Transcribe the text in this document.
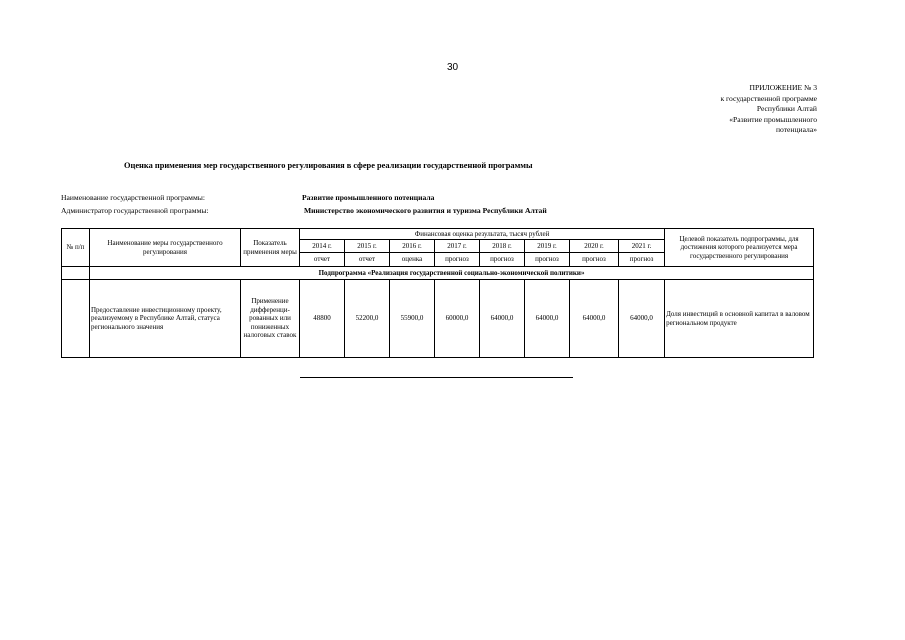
30
ПРИЛОЖЕНИЕ № 3
к государственной программе
Республики Алтай
«Развитие промышленного
потенциала»
Оценка применения мер государственного регулирования в сфере реализации государственной программы
Наименование государственной программы:	Развитие промышленного потенциала
Администратор государственной программы:	Министерство экономического развития и туризма Республики Алтай
№ п/п	Наименование меры государственного регулирования	Показатель применения меры	Финансовая оценка результата, тысяч рублей								Целевой показатель подпрограммы, для достижения которого реализуется мера государственного регулирования
			2014 г.	2015 г.	2016 г.	2017 г.	2018 г.	2019 г.	2020 г.	2021 г.	
			отчет	отчет	оценка	прогноз	прогноз	прогноз	прогноз	прогноз	
	Подпрограмма «Реализация государственной социально-экономической политики»										
	Предоставление инвестиционному проекту, реализуемому в Республике Алтай, статуса регионального значения	Применение дифференци-рованных или пониженных налоговых ставок	48800	52200,0	55900,0	60000,0	64000,0	64000,0	64000,0	64000,0	Доля инвестиций в основной капитал в валовом региональном продукте
